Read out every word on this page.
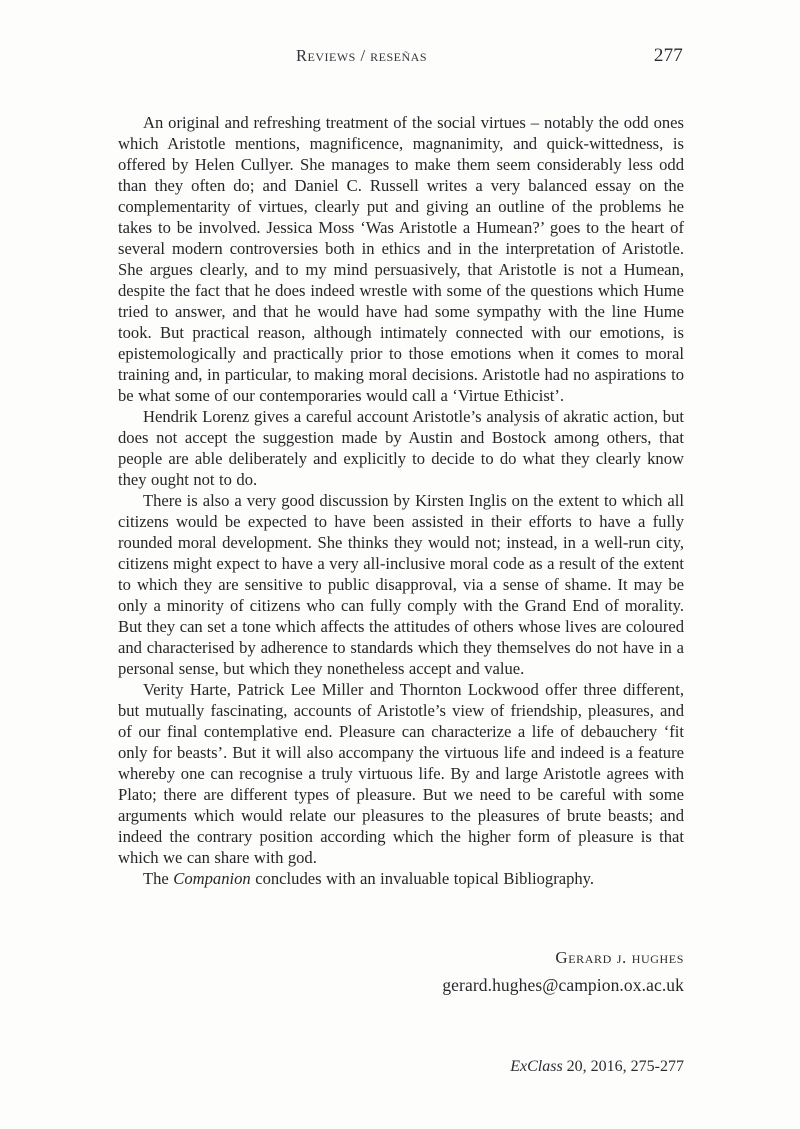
Reviews / reseñas	277

An original and refreshing treatment of the social virtues – notably the odd ones which Aristotle mentions, magnificence, magnanimity, and quick-wittedness, is offered by Helen Cullyer. She manages to make them seem considerably less odd than they often do; and Daniel C. Russell writes a very balanced essay on the complementarity of virtues, clearly put and giving an outline of the problems he takes to be involved. Jessica Moss ‘Was Aristotle a Humean?’ goes to the heart of several modern controversies both in ethics and in the interpretation of Aristotle. She argues clearly, and to my mind persuasively, that Aristotle is not a Humean, despite the fact that he does indeed wrestle with some of the questions which Hume tried to answer, and that he would have had some sympathy with the line Hume took. But practical reason, although intimately connected with our emotions, is epistemologically and practically prior to those emotions when it comes to moral training and, in particular, to making moral decisions. Aristotle had no aspirations to be what some of our contemporaries would call a ‘Virtue Ethicist’.

Hendrik Lorenz gives a careful account Aristotle’s analysis of akratic action, but does not accept the suggestion made by Austin and Bostock among others, that people are able deliberately and explicitly to decide to do what they clearly know they ought not to do.

There is also a very good discussion by Kirsten Inglis on the extent to which all citizens would be expected to have been assisted in their efforts to have a fully rounded moral development. She thinks they would not; instead, in a well-run city, citizens might expect to have a very all-inclusive moral code as a result of the extent to which they are sensitive to public disapproval, via a sense of shame. It may be only a minority of citizens who can fully comply with the Grand End of morality. But they can set a tone which affects the attitudes of others whose lives are coloured and characterised by adherence to standards which they themselves do not have in a personal sense, but which they nonetheless accept and value.

Verity Harte, Patrick Lee Miller and Thornton Lockwood offer three different, but mutually fascinating, accounts of Aristotle’s view of friendship, pleasures, and of our final contemplative end. Pleasure can characterize a life of debauchery ‘fit only for beasts’. But it will also accompany the virtuous life and indeed is a feature whereby one can recognise a truly virtuous life. By and large Aristotle agrees with Plato; there are different types of pleasure. But we need to be careful with some arguments which would relate our pleasures to the pleasures of brute beasts; and indeed the contrary position according which the higher form of pleasure is that which we can share with god.

The Companion concludes with an invaluable topical Bibliography.

Gerard j. hughes
gerard.hughes@campion.ox.ac.uk
ExClass 20, 2016, 275-277
